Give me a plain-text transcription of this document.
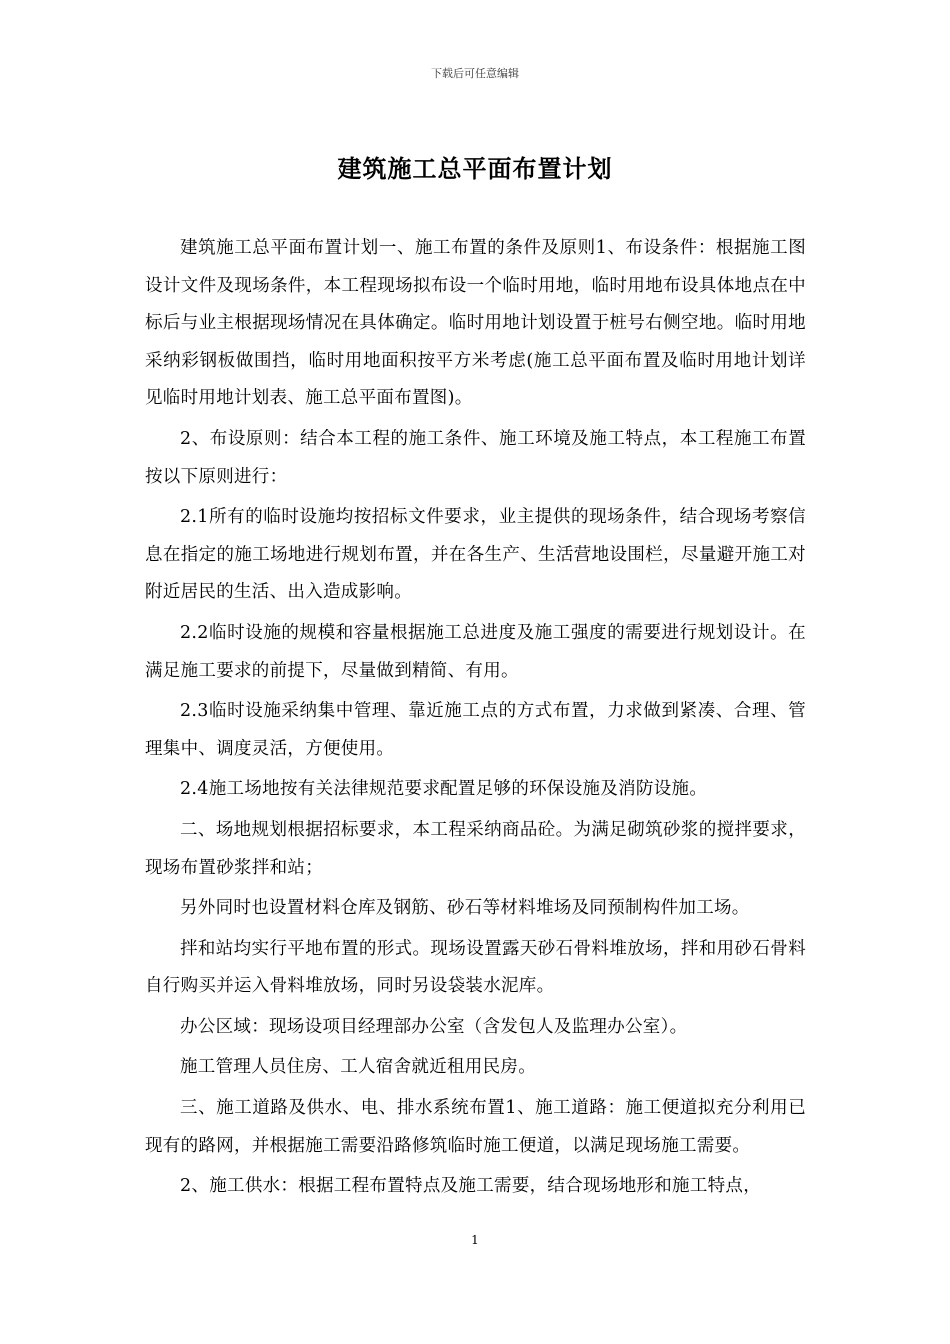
下载后可任意编辑
建筑施工总平面布置计划

建筑施工总平面布置计划一、施工布置的条件及原则1、布设条件：根据施工图设计文件及现场条件，本工程现场拟布设一个临时用地，临时用地布设具体地点在中标后与业主根据现场情况在具体确定。临时用地计划设置于桩号右侧空地。临时用地采纳彩钢板做围挡，临时用地面积按平方米考虑(施工总平面布置及临时用地计划详见临时用地计划表、施工总平面布置图)。

2、布设原则：结合本工程的施工条件、施工环境及施工特点，本工程施工布置按以下原则进行：

2.1所有的临时设施均按招标文件要求，业主提供的现场条件，结合现场考察信息在指定的施工场地进行规划布置，并在各生产、生活营地设围栏，尽量避开施工对附近居民的生活、出入造成影响。

2.2临时设施的规模和容量根据施工总进度及施工强度的需要进行规划设计。在满足施工要求的前提下，尽量做到精简、有用。

2.3临时设施采纳集中管理、靠近施工点的方式布置，力求做到紧凑、合理、管理集中、调度灵活，方便使用。

2.4施工场地按有关法律规范要求配置足够的环保设施及消防设施。

二、场地规划根据招标要求，本工程采纳商品砼。为满足砌筑砂浆的搅拌要求，现场布置砂浆拌和站；

另外同时也设置材料仓库及钢筋、砂石等材料堆场及同预制构件加工场。

拌和站均实行平地布置的形式。现场设置露天砂石骨料堆放场，拌和用砂石骨料自行购买并运入骨料堆放场，同时另设袋装水泥库。

办公区域：现场设项目经理部办公室（含发包人及监理办公室）。

施工管理人员住房、工人宿舍就近租用民房。

三、施工道路及供水、电、排水系统布置1、施工道路：施工便道拟充分利用已现有的路网，并根据施工需要沿路修筑临时施工便道，以满足现场施工需要。

2、施工供水：根据工程布置特点及施工需要，结合现场地形和施工特点，

1
